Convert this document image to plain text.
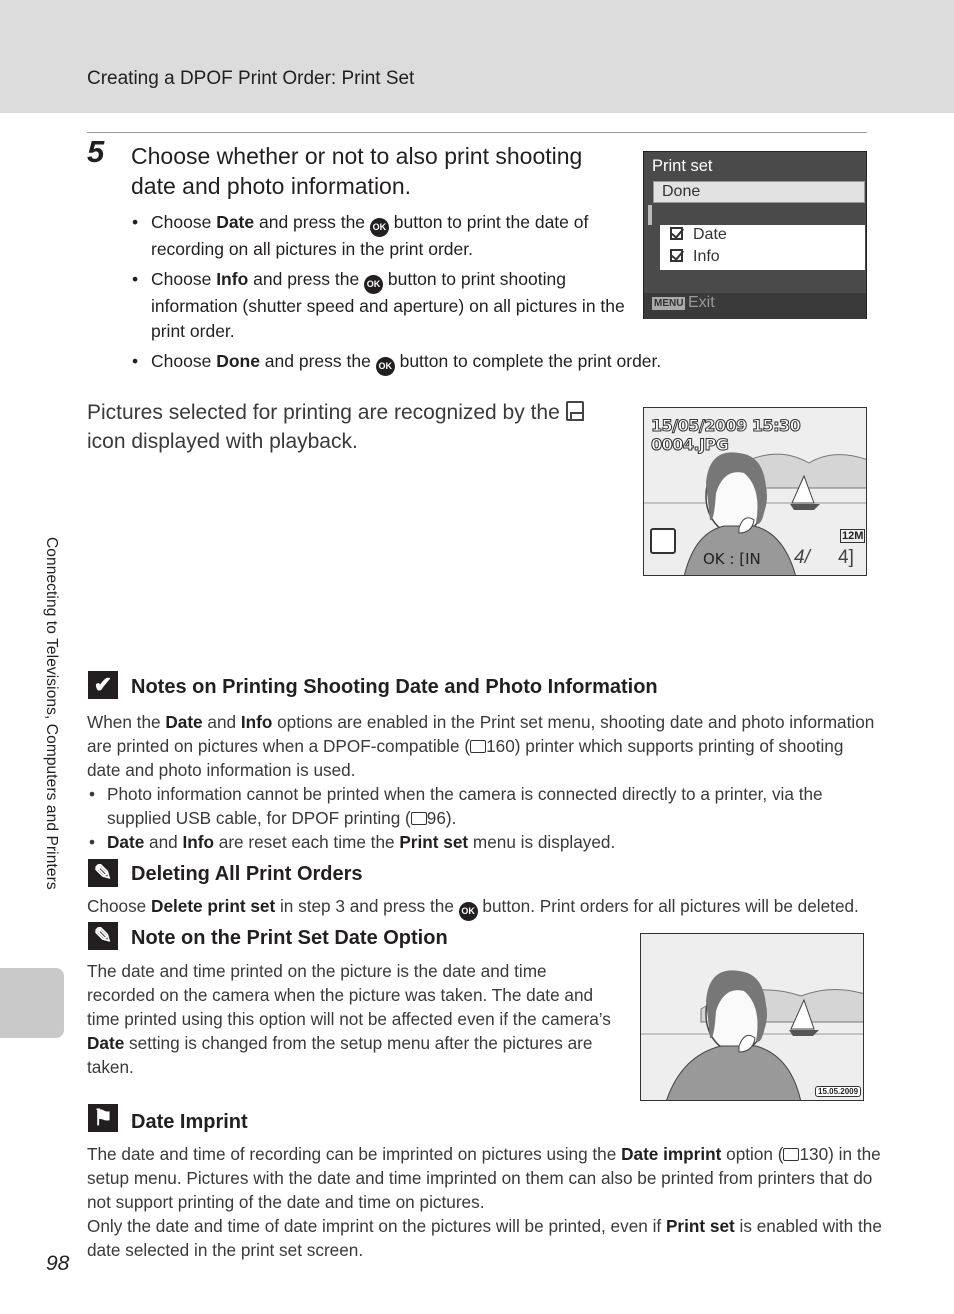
Creating a DPOF Print Order: Print Set
Connecting to Televisions, Computers and Printers
5 Choose whether or not to also print shooting date and photo information.
• Choose Date and press the OK button to print the date of recording on all pictures in the print order.
• Choose Info and press the OK button to print shooting information (shutter speed and aperture) on all pictures in the print order.
• Choose Done and press the OK button to complete the print order.
Print set
Done
Date
Info
MENU Exit
Pictures selected for printing are recognized by the  icon displayed with playback.
15/05/2009 15:30
0004.JPG
12M
OK : [IN 4/ 4]
✔ Notes on Printing Shooting Date and Photo Information
When the Date and Info options are enabled in the Print set menu, shooting date and photo information are printed on pictures when a DPOF-compatible ( 160) printer which supports printing of shooting date and photo information is used.
• Photo information cannot be printed when the camera is connected directly to a printer, via the supplied USB cable, for DPOF printing ( 96).
• Date and Info are reset each time the Print set menu is displayed.
✎ Deleting All Print Orders
Choose Delete print set in step 3 and press the OK button. Print orders for all pictures will be deleted.
✎ Note on the Print Set Date Option
The date and time printed on the picture is the date and time recorded on the camera when the picture was taken. The date and time printed using this option will not be affected even if the camera’s Date setting is changed from the setup menu after the pictures are taken.
15.05.2009
⚑ Date Imprint
The date and time of recording can be imprinted on pictures using the Date imprint option ( 130) in the setup menu. Pictures with the date and time imprinted on them can also be printed from printers that do not support printing of the date and time on pictures.
Only the date and time of date imprint on the pictures will be printed, even if Print set is enabled with the date selected in the print set screen.
98
